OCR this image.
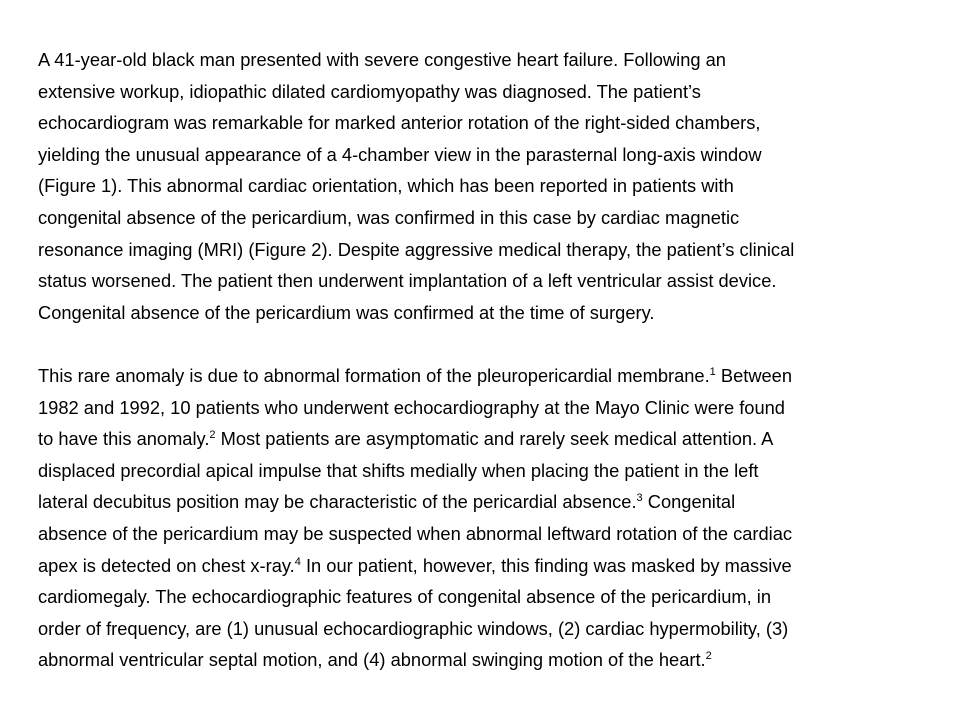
A 41-year-old black man presented with severe congestive heart failure. Following an
extensive workup, idiopathic dilated cardiomyopathy was diagnosed. The patient’s
echocardiogram was remarkable for marked anterior rotation of the right-sided chambers,
yielding the unusual appearance of a 4-chamber view in the parasternal long-axis window
(Figure 1). This abnormal cardiac orientation, which has been reported in patients with
congenital absence of the pericardium, was confirmed in this case by cardiac magnetic
resonance imaging (MRI) (Figure 2). Despite aggressive medical therapy, the patient’s clinical
status worsened. The patient then underwent implantation of a left ventricular assist device.
Congenital absence of the pericardium was confirmed at the time of surgery.

This rare anomaly is due to abnormal formation of the pleuropericardial membrane.$^1$ Between
1982 and 1992, 10 patients who underwent echocardiography at the Mayo Clinic were found
to have this anomaly.$^2$ Most patients are asymptomatic and rarely seek medical attention. A
displaced precordial apical impulse that shifts medially when placing the patient in the left
lateral decubitus position may be characteristic of the pericardial absence.$^3$ Congenital
absence of the pericardium may be suspected when abnormal leftward rotation of the cardiac
apex is detected on chest x-ray.$^4$ In our patient, however, this finding was masked by massive
cardiomegaly. The echocardiographic features of congenital absence of the pericardium, in
order of frequency, are (1) unusual echocardiographic windows, (2) cardiac hypermobility, (3)
abnormal ventricular septal motion, and (4) abnormal swinging motion of the heart.$^2$
